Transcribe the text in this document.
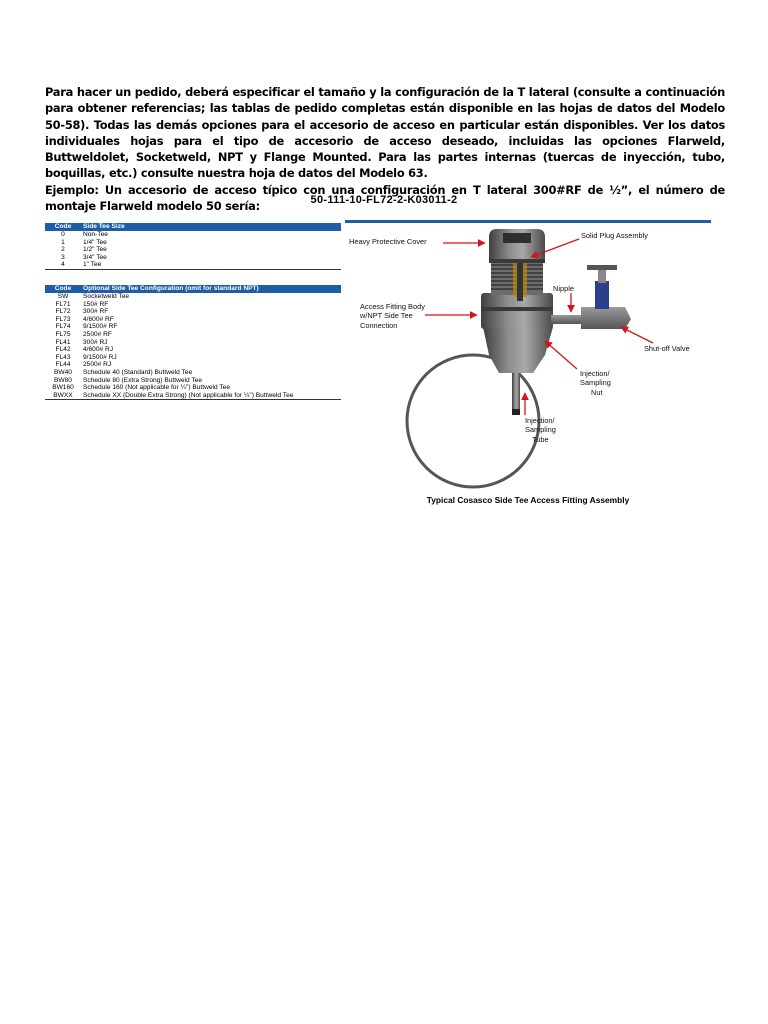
Para hacer un pedido, deberá especificar el tamaño y la configuración de la T lateral (consulte a continuación para obtener referencias; las tablas de pedido completas están disponible en las hojas de datos del Modelo 50-58). Todas las demás opciones para el accesorio de acceso en particular están disponibles. Ver los datos individuales hojas para el tipo de accesorio de acceso deseado, incluidas las opciones Flarweld, Buttweldolet, Socketweld, NPT y Flange Mounted. Para las partes internas (tuercas de inyección, tubo, boquillas, etc.) consulte nuestra hoja de datos del Modelo 63.

Ejemplo: Un accesorio de acceso típico con una configuración en T lateral 300#RF de ½”, el número de montaje Flarweld modelo 50 sería:	50-111-10-FL72-2-K03011-2
Code	Side Tee Size
0	Non-Tee
1	1/4" Tee
2	1/2" Tee
3	3/4" Tee
4	1" Tee
Code	Optional Side Tee Configuration (omit for standard NPT)
SW	Socketweld Tee
FL71	150# RF
FL72	300# RF
FL73	4/600# RF
FL74	9/1500# RF
FL75	2500# RF
FL41	300# RJ
FL42	4/600# RJ
FL43	9/1500# RJ
FL44	2500# RJ
BW40	Schedule 40 (Standard) Buttweld Tee
BW80	Schedule 80 (Extra Strong) Buttweld Tee
BW160	Schedule 160 (Not applicable for ¼") Buttweld Tee
BWXX	Schedule XX (Double Extra Strong) (Not applicable for ¼") Buttweld Tee
Heavy Protective Cover
Solid Plug Assembly
Nipple
Access Fitting Body
w/NPT Side Tee
Connection
Shut-off Valve
Injection/
Sampling
Nut
Injection/
Sampling
Tube
Typical Cosasco Side Tee Access Fitting Assembly
